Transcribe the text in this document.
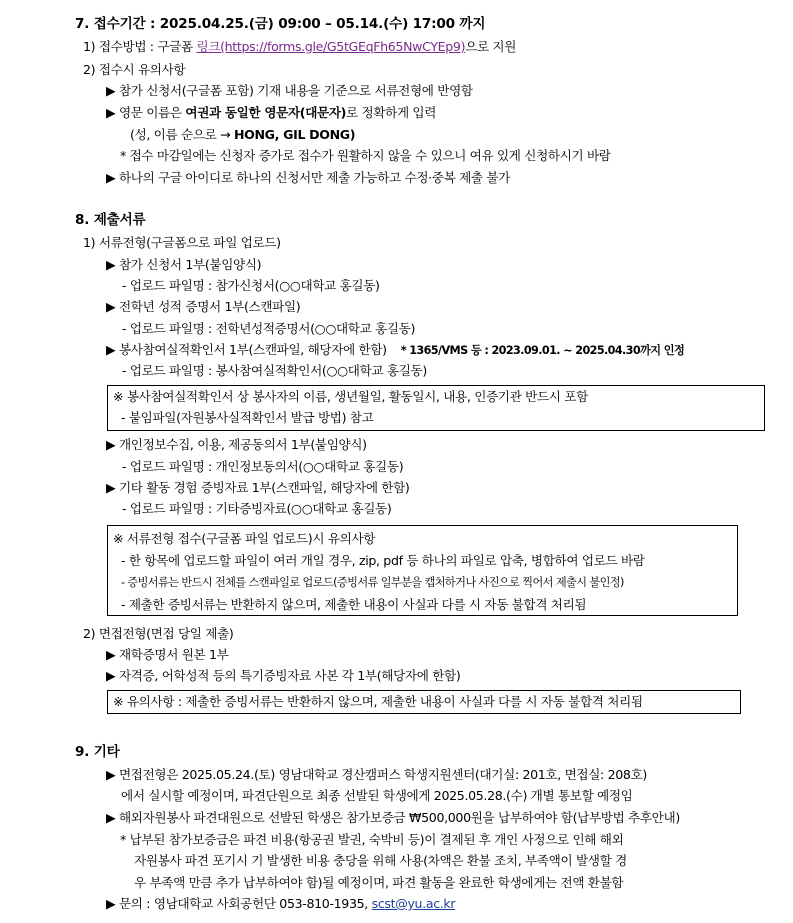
7. 접수기간 : 2025.04.25.(금) 09:00 – 05.14.(수) 17:00 까지
1) 접수방법 : 구글폼 링크(https://forms.gle/G5tGEqFh65NwCYEp9)으로 지원
2) 접수시 유의사항
▶ 참가 신청서(구글폼 포함) 기재 내용을 기준으로 서류전형에 반영함
▶ 영문 이름은 여권과 동일한 영문자(대문자)로 정확하게 입력
(성, 이름 순으로 → HONG, GIL DONG)
* 접수 마감일에는 신청자 증가로 접수가 원활하지 않을 수 있으니 여유 있게 신청하시기 바람
▶ 하나의 구글 아이디로 하나의 신청서만 제출 가능하고 수정·중복 제출 불가
8. 제출서류
1) 서류전형(구글폼으로 파일 업로드)
▶ 참가 신청서 1부(붙임양식)
- 업로드 파일명 : 참가신청서(○○대학교 홍길동)
▶ 전학년 성적 증명서 1부(스캔파일)
- 업로드 파일명 : 전학년성적증명서(○○대학교 홍길동)
▶ 봉사참여실적확인서 1부(스캔파일, 해당자에 한함) * 1365/VMS 등 : 2023.09.01. ~ 2025.04.30까지 인정
- 업로드 파일명 : 봉사참여실적확인서(○○대학교 홍길동)
※ 봉사참여실적확인서 상 봉사자의 이름, 생년월일, 활동일시, 내용, 인증기관 반드시 포함
- 붙임파일(자원봉사실적확인서 발급 방법) 참고
▶ 개인정보수집, 이용, 제공동의서 1부(붙임양식)
- 업로드 파일명 : 개인정보동의서(○○대학교 홍길동)
▶ 기타 활동 경험 증빙자료 1부(스캔파일, 해당자에 한함)
- 업로드 파일명 : 기타증빙자료(○○대학교 홍길동)
※ 서류전형 접수(구글폼 파일 업로드)시 유의사항
- 한 항목에 업로드할 파일이 여러 개일 경우, zip, pdf 등 하나의 파일로 압축, 병합하여 업로드 바람
- 증빙서류는 반드시 전체를 스캔파일로 업로드(증빙서류 일부분을 캡처하거나 사진으로 찍어서 제출시 불인정)
- 제출한 증빙서류는 반환하지 않으며, 제출한 내용이 사실과 다를 시 자동 불합격 처리됨
2) 면접전형(면접 당일 제출)
▶ 재학증명서 원본 1부
▶ 자격증, 어학성적 등의 특기증빙자료 사본 각 1부(해당자에 한함)
※ 유의사항 : 제출한 증빙서류는 반환하지 않으며, 제출한 내용이 사실과 다를 시 자동 불합격 처리됨
9. 기타
▶ 면접전형은 2025.05.24.(토) 영남대학교 경산캠퍼스 학생지원센터(대기실: 201호, 면접실: 208호)
에서 실시할 예정이며, 파견단원으로 최종 선발된 학생에게 2025.05.28.(수) 개별 통보할 예정임
▶ 해외자원봉사 파견대원으로 선발된 학생은 참가보증금 ₩500,000원을 납부하여야 함(납부방법 추후안내)
* 납부된 참가보증금은 파견 비용(항공권 발권, 숙박비 등)이 결제된 후 개인 사정으로 인해 해외
자원봉사 파견 포기시 기 발생한 비용 충당을 위해 사용(차액은 환불 조치, 부족액이 발생할 경
우 부족액 만큼 추가 납부하여야 함)될 예정이며, 파견 활동을 완료한 학생에게는 전액 환불함
▶ 문의 : 영남대학교 사회공헌단 053-810-1935, scst@yu.ac.kr
